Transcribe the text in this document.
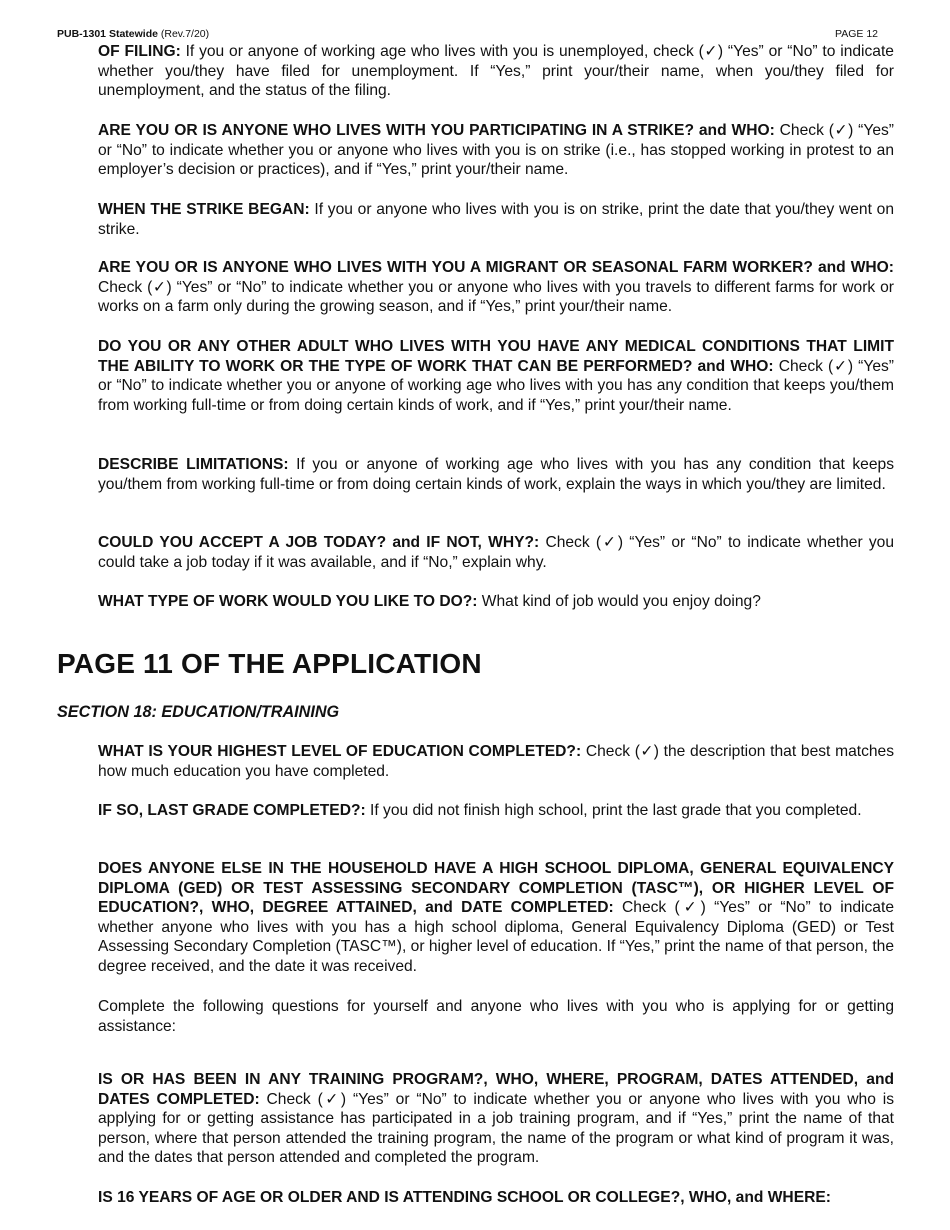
PUB-1301 Statewide (Rev.7/20)	PAGE 12
OF FILING: If you or anyone of working age who lives with you is unemployed, check (✓) “Yes” or “No” to indicate whether you/they have filed for unemployment. If “Yes,” print your/their name, when you/they filed for unemployment, and the status of the filing.
ARE YOU OR IS ANYONE WHO LIVES WITH YOU PARTICIPATING IN A STRIKE? and WHO: Check (✓) “Yes” or “No” to indicate whether you or anyone who lives with you is on strike (i.e., has stopped working in protest to an employer’s decision or practices), and if “Yes,” print your/their name.
WHEN THE STRIKE BEGAN: If you or anyone who lives with you is on strike, print the date that you/they went on strike.
ARE YOU OR IS ANYONE WHO LIVES WITH YOU A MIGRANT OR SEASONAL FARM WORKER? and WHO: Check (✓) “Yes” or “No” to indicate whether you or anyone who lives with you travels to different farms for work or works on a farm only during the growing season, and if “Yes,” print your/their name.
DO YOU OR ANY OTHER ADULT WHO LIVES WITH YOU HAVE ANY MEDICAL CONDITIONS THAT LIMIT THE ABILITY TO WORK OR THE TYPE OF WORK THAT CAN BE PERFORMED? and WHO: Check (✓) “Yes” or “No” to indicate whether you or anyone of working age who lives with you has any condition that keeps you/them from working full-time or from doing certain kinds of work, and if “Yes,” print your/their name.
DESCRIBE LIMITATIONS: If you or anyone of working age who lives with you has any condition that keeps you/them from working full-time or from doing certain kinds of work, explain the ways in which you/they are limited.
COULD YOU ACCEPT A JOB TODAY? and IF NOT, WHY?: Check (✓) “Yes” or “No” to indicate whether you could take a job today if it was available, and if “No,” explain why.
WHAT TYPE OF WORK WOULD YOU LIKE TO DO?: What kind of job would you enjoy doing?
PAGE 11 OF THE APPLICATION
SECTION 18: EDUCATION/TRAINING
WHAT IS YOUR HIGHEST LEVEL OF EDUCATION COMPLETED?: Check (✓) the description that best matches how much education you have completed.
IF SO, LAST GRADE COMPLETED?: If you did not finish high school, print the last grade that you completed.
DOES ANYONE ELSE IN THE HOUSEHOLD HAVE A HIGH SCHOOL DIPLOMA, GENERAL EQUIVALENCY DIPLOMA (GED) OR TEST ASSESSING SECONDARY COMPLETION (TASC™), OR HIGHER LEVEL OF EDUCATION?, WHO, DEGREE ATTAINED, and DATE COMPLETED: Check (✓) “Yes” or “No” to indicate whether anyone who lives with you has a high school diploma, General Equivalency Diploma (GED) or Test Assessing Secondary Completion (TASC™), or higher level of education. If “Yes,” print the name of that person, the degree received, and the date it was received.
Complete the following questions for yourself and anyone who lives with you who is applying for or getting assistance:
IS OR HAS BEEN IN ANY TRAINING PROGRAM?, WHO, WHERE, PROGRAM, DATES ATTENDED, and DATES COMPLETED: Check (✓) “Yes” or “No” to indicate whether you or anyone who lives with you who is applying for or getting assistance has participated in a job training program, and if “Yes,” print the name of that person, where that person attended the training program, the name of the program or what kind of program it was, and the dates that person attended and completed the program.
IS 16 YEARS OF AGE OR OLDER AND IS ATTENDING SCHOOL OR COLLEGE?, WHO, and WHERE:
